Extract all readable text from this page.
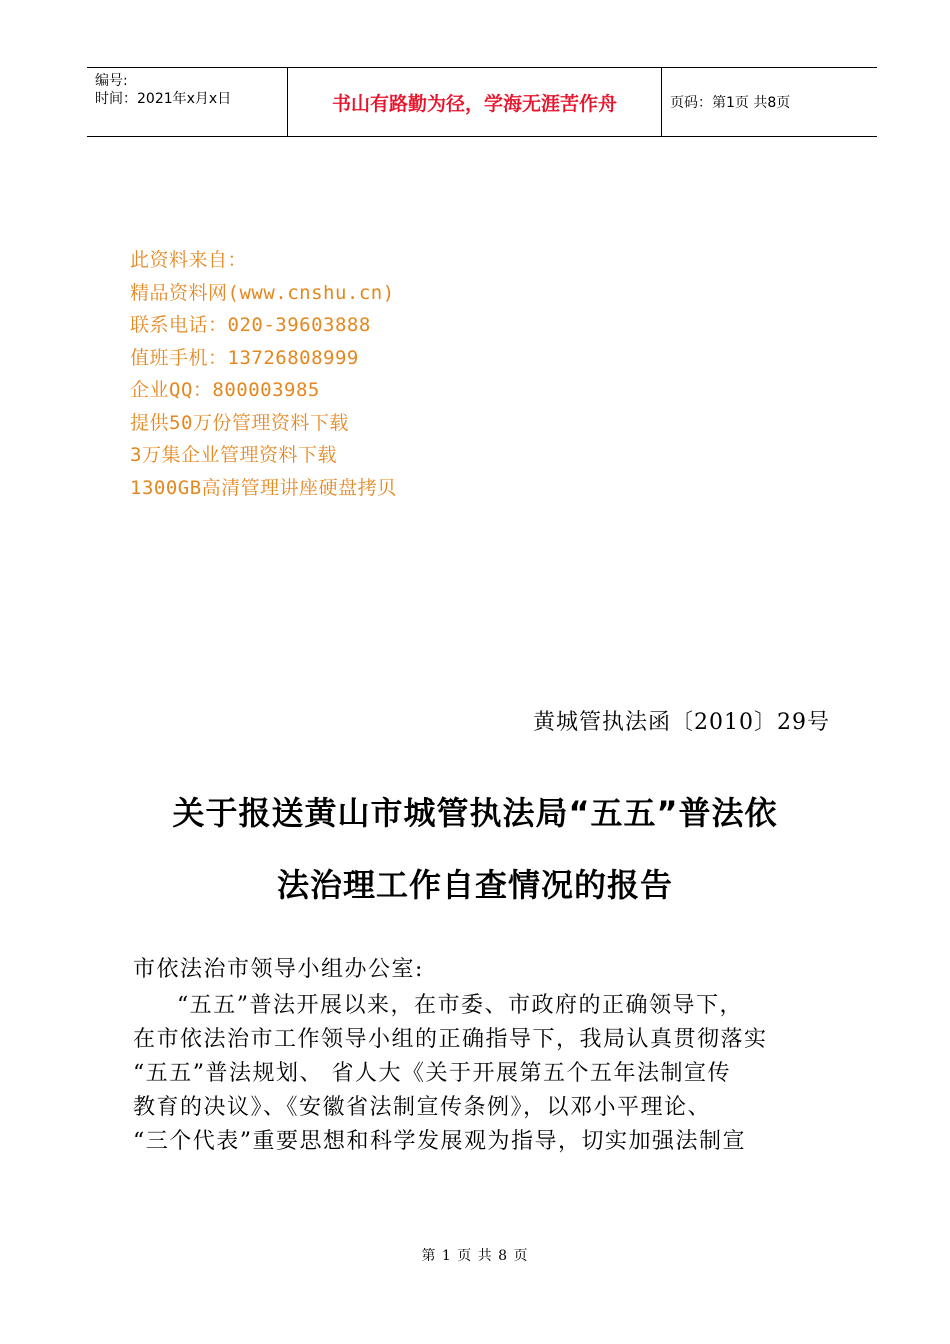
编号:
时间：2021年x月x日	书山有路勤为径，学海无涯苦作舟	页码：第1页 共8页
此资料来自：
精品资料网(www.cnshu.cn)
联系电话：020-39603888
值班手机：13726808999
企业QQ：800003985
提供50万份管理资料下载
3万集企业管理资料下载
1300GB高清管理讲座硬盘拷贝
黄城管执法函〔2010〕29号
关于报送黄山市城管执法局“五五”普法依
法治理工作自查情况的报告
市依法治市领导小组办公室:
“五五”普法开展以来，在市委、市政府的正确领导下，
在市依法治市工作领导小组的正确指导下，我局认真贯彻落实
“五五”普法规划、 省人大《关于开展第五个五年法制宣传
教育的决议》、《安徽省法制宣传条例》，以邓小平理论、
“三个代表”重要思想和科学发展观为指导，切实加强法制宣
第 1 页 共 8 页
